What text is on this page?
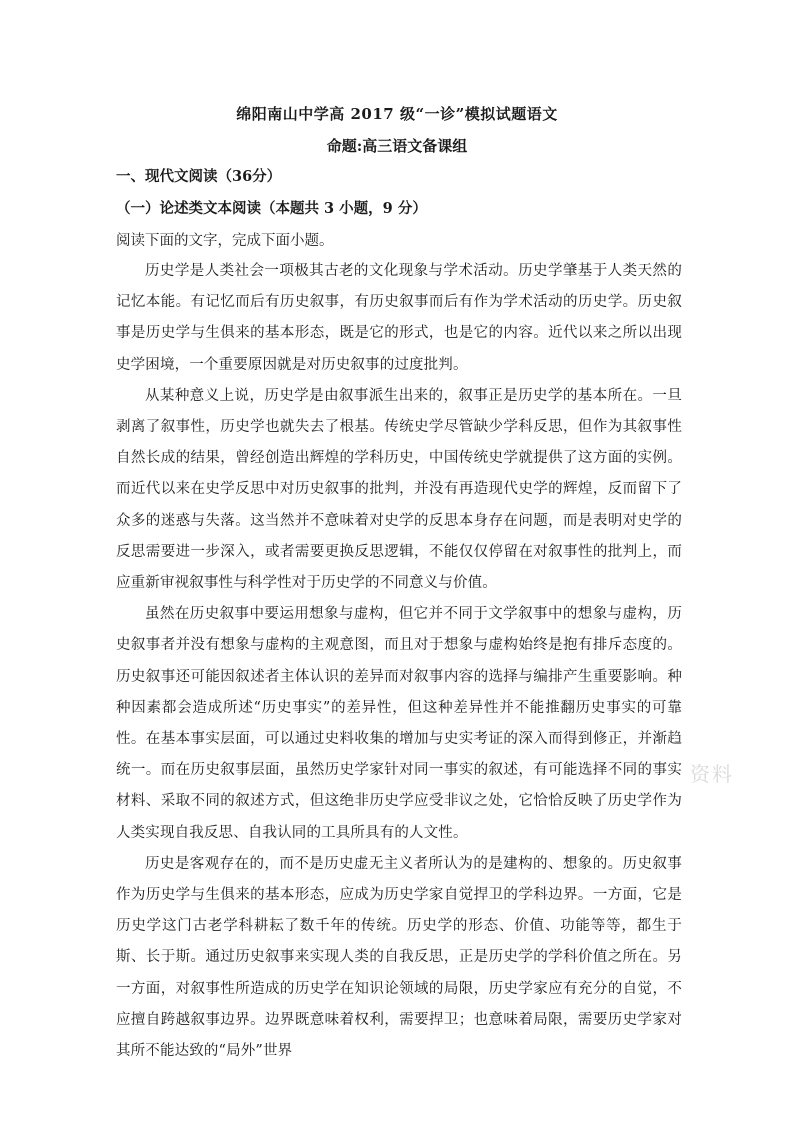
绵阳南山中学高 2017 级“一诊”模拟试题语文
命题:高三语文备课组
一、现代文阅读（36分）
（一）论述类文本阅读（本题共 3 小题，9 分）

阅读下面的文字，完成下面小题。

历史学是人类社会一项极其古老的文化现象与学术活动。历史学肇基于人类天然的记忆本能。有记忆而后有历史叙事，有历史叙事而后有作为学术活动的历史学。历史叙事是历史学与生俱来的基本形态，既是它的形式，也是它的内容。近代以来之所以出现史学困境，一个重要原因就是对历史叙事的过度批判。

从某种意义上说，历史学是由叙事派生出来的，叙事正是历史学的基本所在。一旦剥离了叙事性，历史学也就失去了根基。传统史学尽管缺少学科反思，但作为其叙事性自然长成的结果，曾经创造出辉煌的学科历史，中国传统史学就提供了这方面的实例。而近代以来在史学反思中对历史叙事的批判，并没有再造现代史学的辉煌，反而留下了众多的迷惑与失落。这当然并不意味着对史学的反思本身存在问题，而是表明对史学的反思需要进一步深入，或者需要更换反思逻辑，不能仅仅停留在对叙事性的批判上，而应重新审视叙事性与科学性对于历史学的不同意义与价值。

虽然在历史叙事中要运用想象与虚构，但它并不同于文学叙事中的想象与虚构，历史叙事者并没有想象与虚构的主观意图，而且对于想象与虚构始终是抱有排斥态度的。历史叙事还可能因叙述者主体认识的差异而对叙事内容的选择与编排产生重要影响。种种因素都会造成所述“历史事实”的差异性，但这种差异性并不能推翻历史事实的可靠性。在基本事实层面，可以通过史料收集的增加与史实考证的深入而得到修正，并渐趋统一。而在历史叙事层面，虽然历史学家针对同一事实的叙述，有可能选择不同的事实材料、采取不同的叙述方式，但这绝非历史学应受非议之处，它恰恰反映了历史学作为人类实现自我反思、自我认同的工具所具有的人文性。

历史是客观存在的，而不是历史虚无主义者所认为的是建构的、想象的。历史叙事作为历史学与生俱来的基本形态，应成为历史学家自觉捍卫的学科边界。一方面，它是历史学这门古老学科耕耘了数千年的传统。历史学的形态、价值、功能等等，都生于斯、长于斯。通过历史叙事来实现人类的自我反思，正是历史学的学科价值之所在。另一方面，对叙事性所造成的历史学在知识论领域的局限，历史学家应有充分的自觉，不应擅自跨越叙事边界。边界既意味着权利，需要捍卫；也意味着局限，需要历史学家对其所不能达致的“局外”世界

资料
